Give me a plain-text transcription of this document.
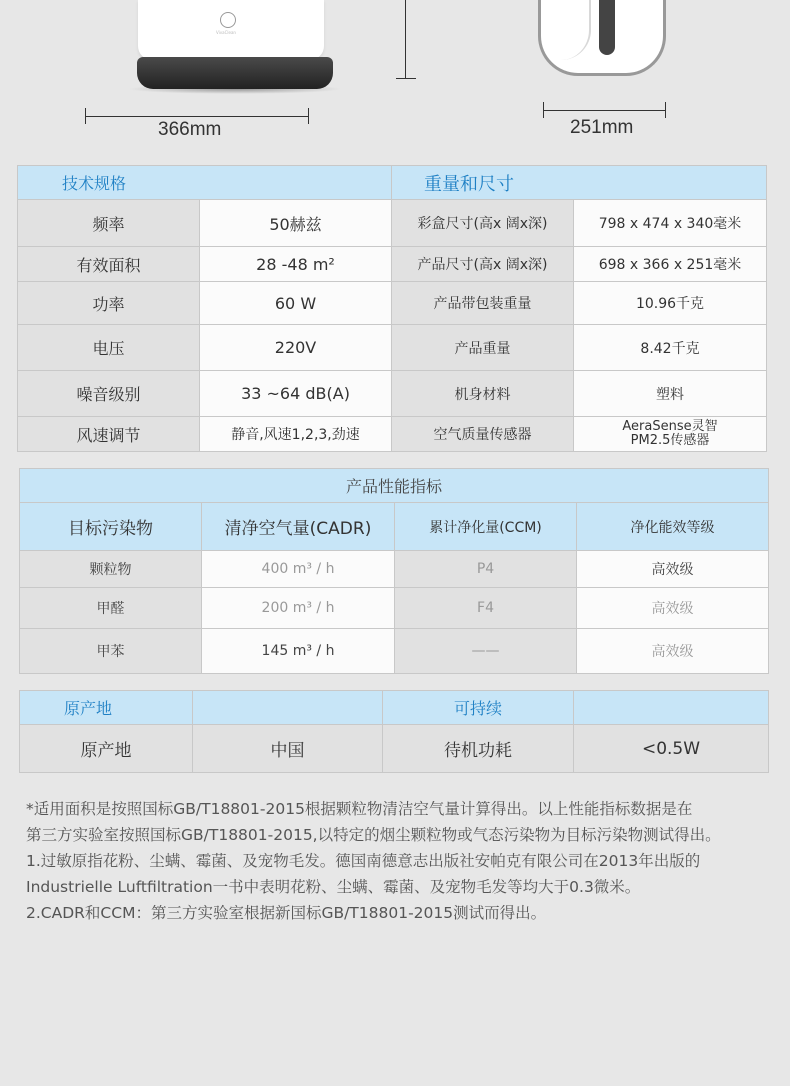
VivaClean
366mm	251mm
技术规格		重量和尺寸	
频率	50赫兹	彩盒尺寸(高x 阔x深)	798 x 474 x 340毫米
有效面积	28 -48 m²	产品尺寸(高x 阔x深)	698 x 366 x 251毫米
功率	60 W	产品带包装重量	10.96千克
电压	220V	产品重量	8.42千克
噪音级别	33 ~64 dB(A)	机身材料	塑料
风速调节	静音,风速1,2,3,劲速	空气质量传感器	AeraSense灵智
PM2.5传感器
产品性能指标			
目标污染物	清净空气量(CADR)	累计净化量(CCM)	净化能效等级
颗粒物	400 m³ / h	P4	高效级
甲醛	200 m³ / h	F4	高效级
甲苯	145 m³ / h	——	高效级
原产地		可持续	
原产地	中国	待机功耗	<0.5W

*适用面积是按照国标GB/T18801-2015根据颗粒物清洁空气量计算得出。以上性能指标数据是在

第三方实验室按照国标GB/T18801-2015,以特定的烟尘颗粒物或气态污染物为目标污染物测试得出。

1.过敏原指花粉、尘螨、霉菌、及宠物毛发。德国南德意志出版社安帕克有限公司在2013年出版的

Industrielle Luftfiltration一书中表明花粉、尘螨、霉菌、及宠物毛发等均大于0.3微米。

2.CADR和CCM：第三方实验室根据新国标GB/T18801-2015测试而得出。
